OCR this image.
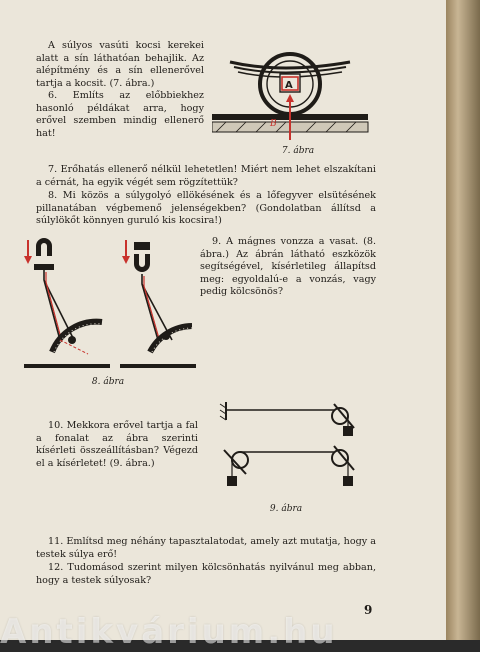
A súlyos vasúti kocsi kerekei alatt a sín láthatóan behajlik. Az alépítmény és a sín ellenerővel tartja a kocsit. (7. ábra.)

6. Említs az előbbiekhez hasonló példákat arra, hogy erővel szemben mindig ellenerő hat!

A
B
7. ábra

7. Erőhatás ellenerő nélkül lehetetlen! Miért nem lehet elszakítani a cérnát, ha egyik végét sem rögzítettük?

8. Mi közös a súlygolyó ellökésének és a lőfegyver elsütésének pillanatában végbemenő jelenségekben? (Gondolatban állítsd a súlylökőt könnyen guruló kis kocsira!)

8. ábra

9. A mágnes vonzza a vasat. (8. ábra.) Az ábrán látható eszközök segítségével, kísérletileg állapítsd meg: egyoldalú-e a vonzás, vagy pedig kölcsönös?

10. Mekkora erővel tartja a fal a fonalat az ábra szerinti kísérleti összeállításban? Végezd el a kísérletet! (9. ábra.)

9. ábra

11. Említsd meg néhány tapasztalatodat, amely azt mutatja, hogy a testek súlya erő!

12. Tudomásod szerint milyen kölcsönhatás nyilvánul meg abban, hogy a testek súlyosak?

9
Antikvárium.hu
